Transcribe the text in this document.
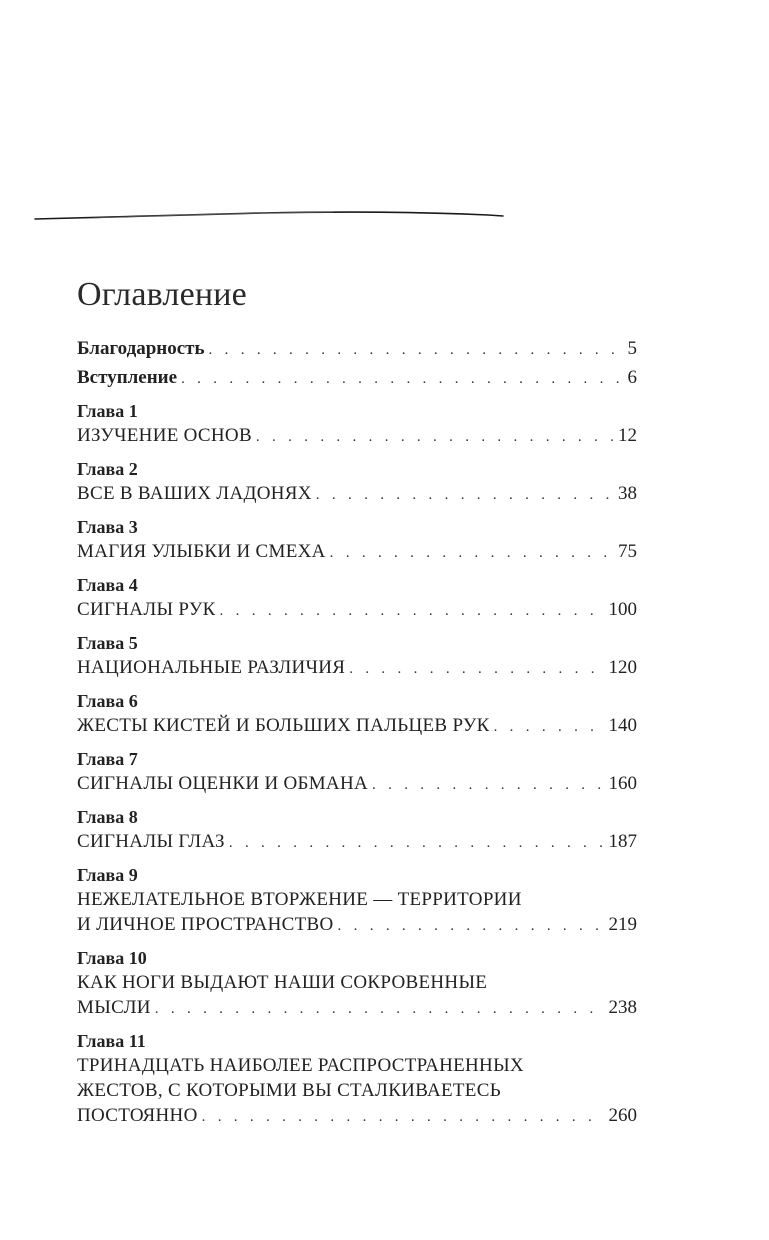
Оглавление
Благодарность . . .	5
Вступление . . .	6
Глава 1
ИЗУЧЕНИЕ ОСНОВ . . .	12
Глава 2
ВСЕ В ВАШИХ ЛАДОНЯХ . . .	38
Глава 3
МАГИЯ УЛЫБКИ И СМЕХА . . .	75
Глава 4
СИГНАЛЫ РУК . . .	100
Глава 5
НАЦИОНАЛЬНЫЕ РАЗЛИЧИЯ . . .	120
Глава 6
ЖЕСТЫ КИСТЕЙ И БОЛЬШИХ ПАЛЬЦЕВ РУК . . .	140
Глава 7
СИГНАЛЫ ОЦЕНКИ И ОБМАНА . . .	160
Глава 8
СИГНАЛЫ ГЛАЗ . . .	187
Глава 9
НЕЖЕЛАТЕЛЬНОЕ ВТОРЖЕНИЕ — ТЕРРИТОРИИ
И ЛИЧНОЕ ПРОСТРАНСТВО . . .	219
Глава 10
КАК НОГИ ВЫДАЮТ НАШИ СОКРОВЕННЫЕ
МЫСЛИ . . .	238
Глава 11
ТРИНАДЦАТЬ НАИБОЛЕЕ РАСПРОСТРАНЕННЫХ
ЖЕСТОВ, С КОТОРЫМИ ВЫ СТАЛКИВАЕТЕСЬ
ПОСТОЯННО . . .	260
